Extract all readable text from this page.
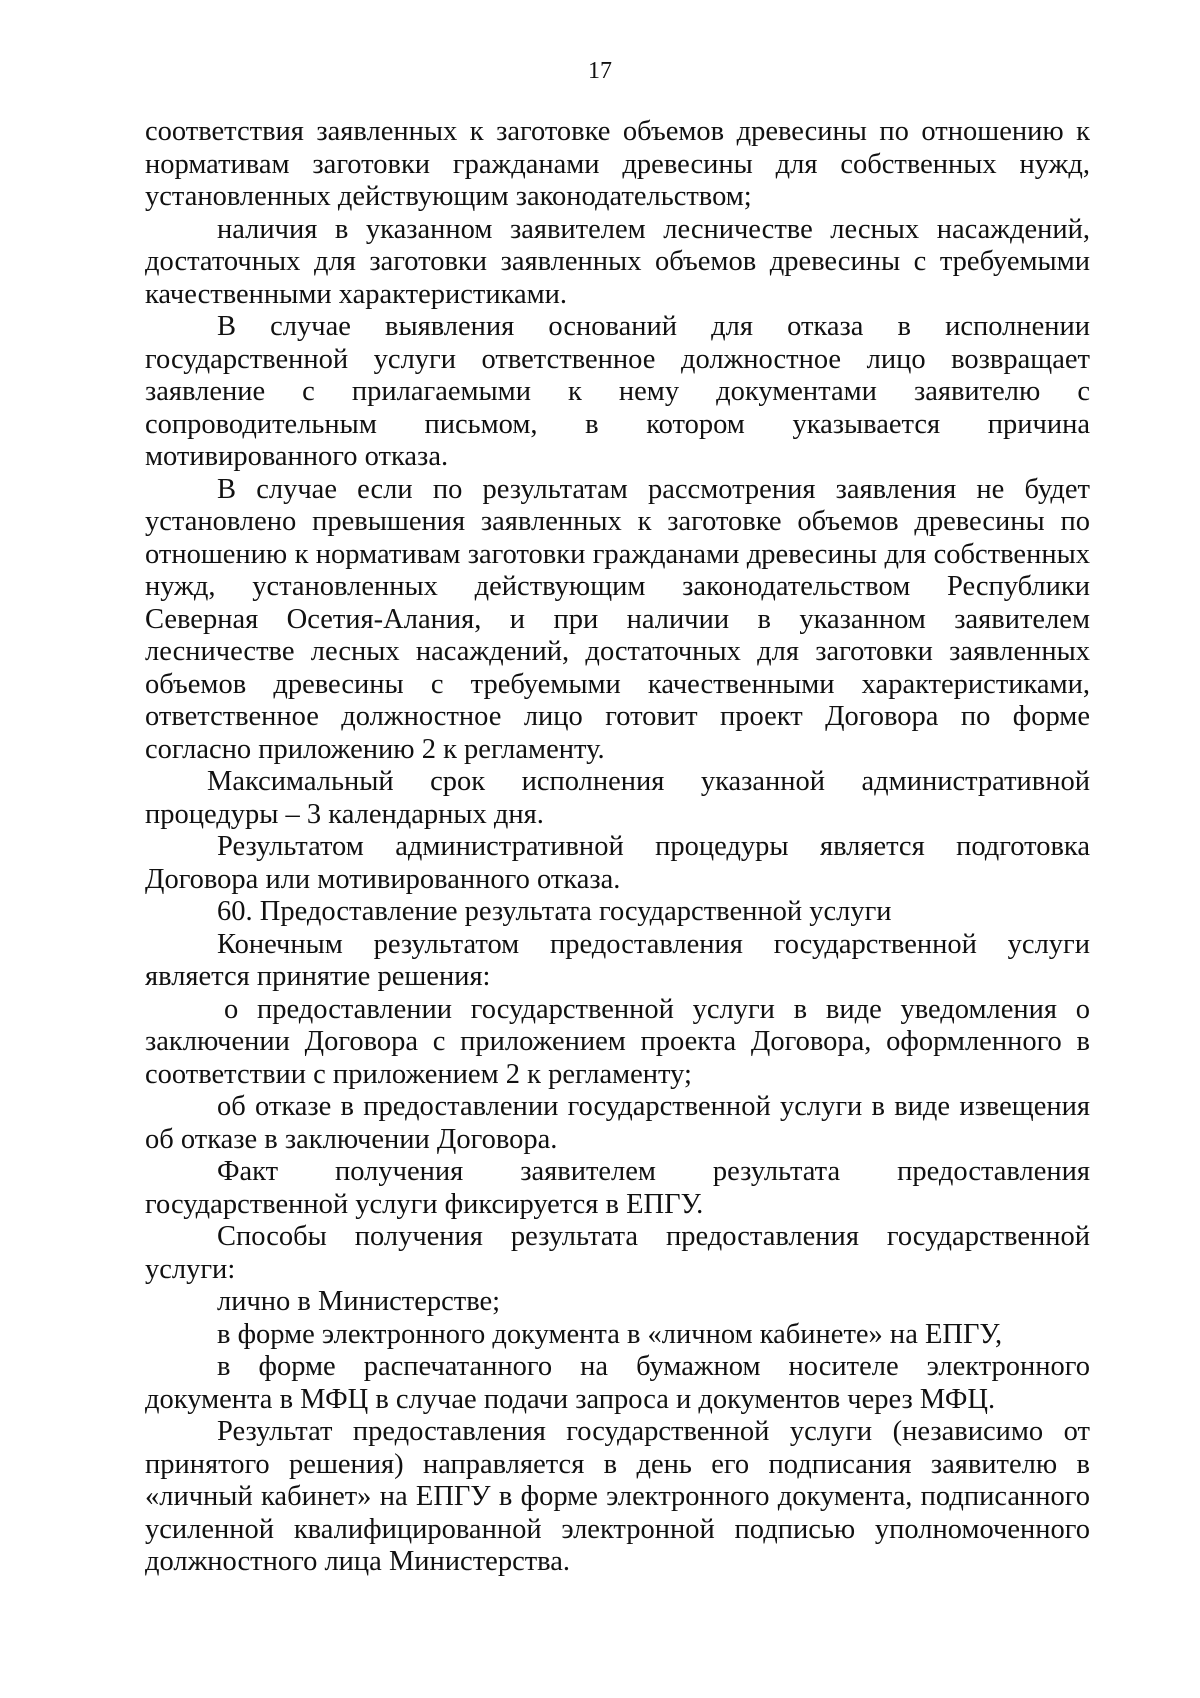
17

соответствия заявленных к заготовке объемов древесины по отношению к нормативам заготовки гражданами древесины для собственных нужд, установленных действующим законодательством;

наличия в указанном заявителем лесничестве лесных насаждений, достаточных для заготовки заявленных объемов древесины с требуемыми качественными характеристиками.

В случае выявления оснований для отказа в исполнении государственной услуги ответственное должностное лицо возвращает заявление с прилагаемыми к нему документами заявителю с сопроводительным письмом, в котором указывается причина мотивированного отказа.

В случае если по результатам рассмотрения заявления не будет установлено превышения заявленных к заготовке объемов древесины по отношению к нормативам заготовки гражданами древесины для собственных нужд, установленных действующим законодательством Республики Северная Осетия-Алания, и при наличии в указанном заявителем лесничестве лесных насаждений, достаточных для заготовки заявленных объемов древесины с требуемыми качественными характеристиками, ответственное должностное лицо готовит проект Договора по форме согласно приложению 2 к регламенту.

Максимальный срок исполнения указанной административной процедуры – 3 календарных дня.

Результатом административной процедуры является подготовка Договора или мотивированного отказа.

60. Предоставление результата государственной услуги

Конечным результатом предоставления государственной услуги является принятие решения:

о предоставлении государственной услуги в виде уведомления о заключении Договора с приложением проекта Договора, оформленного в соответствии с приложением 2 к регламенту;

об отказе в предоставлении государственной услуги в виде извещения об отказе в заключении Договора.

Факт получения заявителем результата предоставления государственной услуги фиксируется в ЕПГУ.

Способы получения результата предоставления государственной услуги:

лично в Министерстве;

в форме электронного документа в «личном кабинете» на ЕПГУ,

в форме распечатанного на бумажном носителе электронного документа в МФЦ в случае подачи запроса и документов через МФЦ.

Результат предоставления государственной услуги (независимо от принятого решения) направляется в день его подписания заявителю в «личный кабинет» на ЕПГУ в форме электронного документа, подписанного усиленной квалифицированной электронной подписью уполномоченного должностного лица Министерства.
